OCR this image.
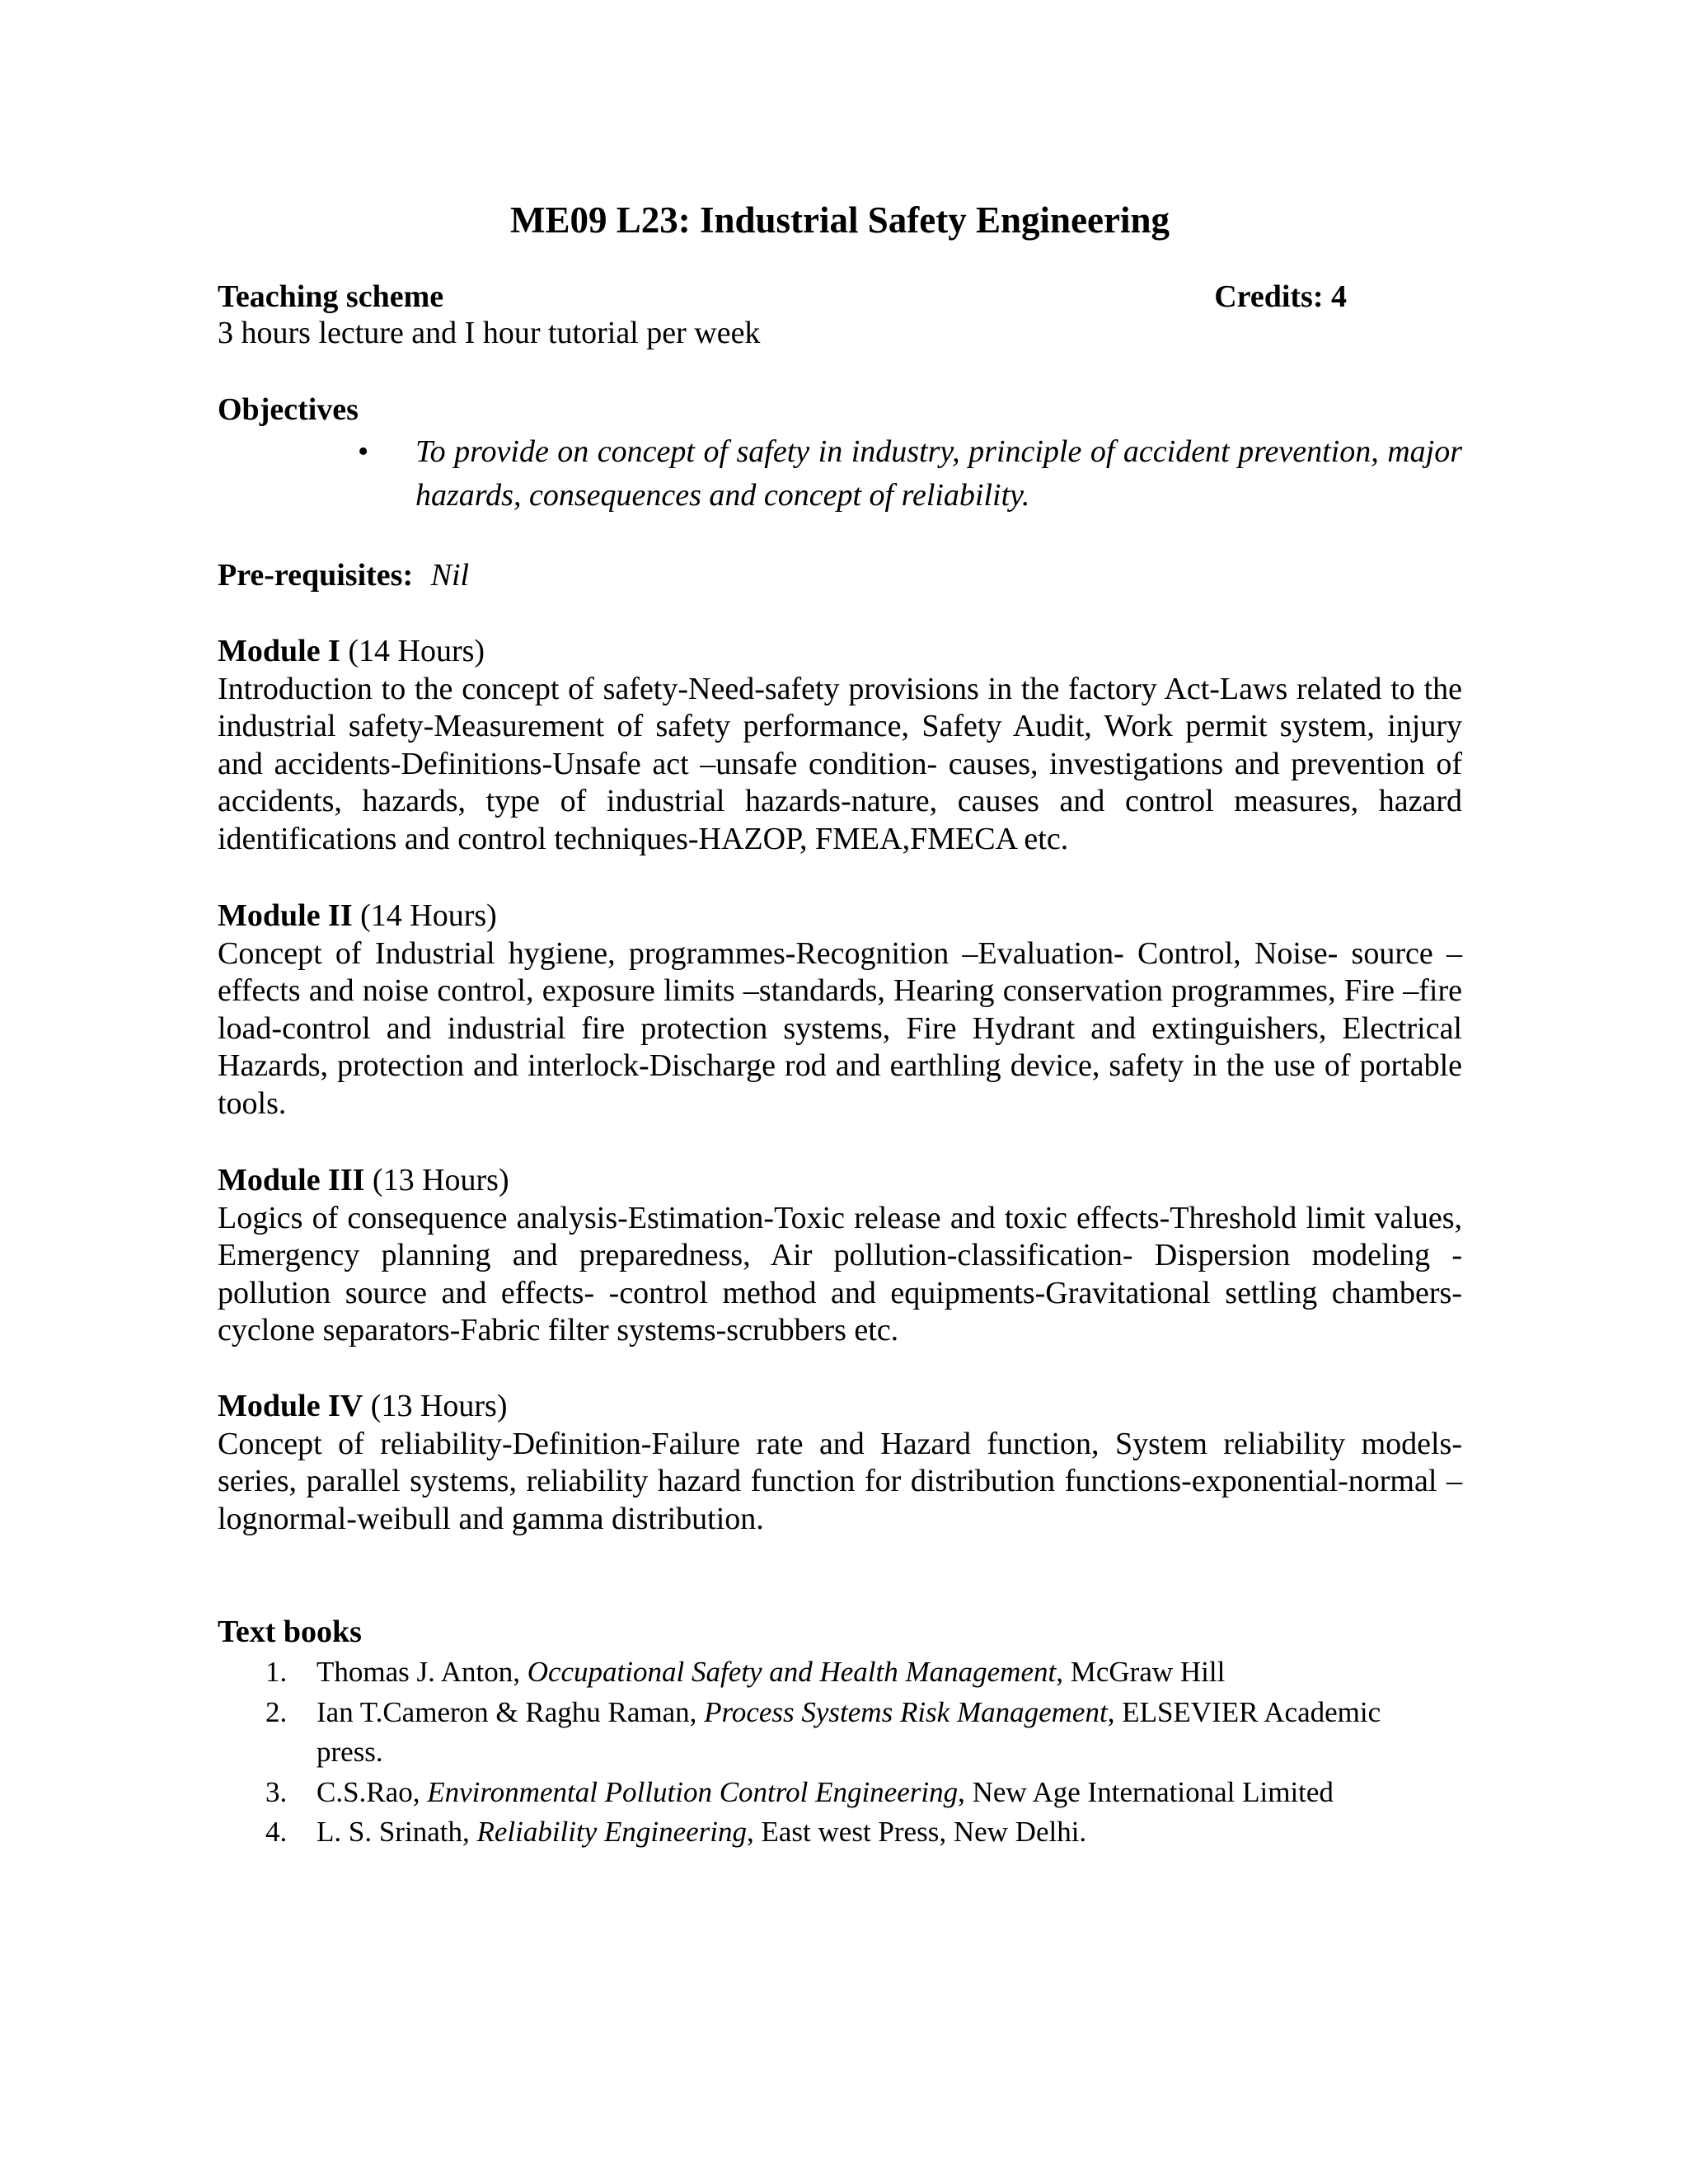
ME09 L23: Industrial Safety Engineering
Teaching scheme	Credits: 4
3 hours lecture and I hour tutorial per week
Objectives
• To provide on concept of safety in industry, principle of accident prevention, major hazards, consequences and concept of reliability.
Pre-requisites: Nil
Module I (14 Hours)
Introduction to the concept of safety-Need-safety provisions in the factory Act-Laws related to the industrial safety-Measurement of safety performance, Safety Audit, Work permit system, injury and accidents-Definitions-Unsafe act –unsafe condition- causes, investigations and prevention of accidents, hazards, type of industrial hazards-nature, causes and control measures, hazard identifications and control techniques-HAZOP, FMEA,FMECA etc.
Module II (14 Hours)
Concept of Industrial hygiene, programmes-Recognition –Evaluation- Control, Noise- source –effects and noise control, exposure limits –standards, Hearing conservation programmes, Fire –fire load-control and industrial fire protection systems, Fire Hydrant and extinguishers, Electrical Hazards, protection and interlock-Discharge rod and earthling device, safety in the use of portable tools.
Module III (13 Hours)
Logics of consequence analysis-Estimation-Toxic release and toxic effects-Threshold limit values, Emergency planning and preparedness, Air pollution-classification- Dispersion modeling -pollution source and effects- -control method and equipments-Gravitational settling chambers-cyclone separators-Fabric filter systems-scrubbers etc.
Module IV (13 Hours)
Concept of reliability-Definition-Failure rate and Hazard function, System reliability models-series, parallel systems, reliability hazard function for distribution functions-exponential-normal –lognormal-weibull and gamma distribution.
Text books
1. Thomas J. Anton, Occupational Safety and Health Management, McGraw Hill
2. Ian T.Cameron & Raghu Raman, Process Systems Risk Management, ELSEVIER Academic press.
3. C.S.Rao, Environmental Pollution Control Engineering, New Age International Limited
4. L. S. Srinath, Reliability Engineering, East west Press, New Delhi.
